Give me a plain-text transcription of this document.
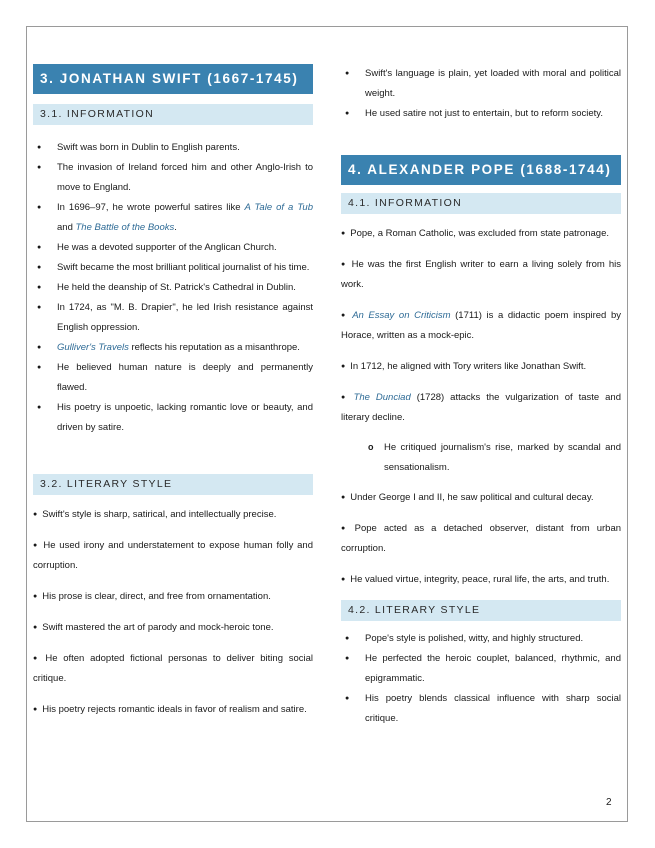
3. JONATHAN SWIFT (1667-1745)
3.1. INFORMATION
● Swift was born in Dublin to English parents.
● The invasion of Ireland forced him and other Anglo-Irish to move to England.
● In 1696–97, he wrote powerful satires like A Tale of a Tub and The Battle of the Books.
● He was a devoted supporter of the Anglican Church.
● Swift became the most brilliant political journalist of his time.
● He held the deanship of St. Patrick's Cathedral in Dublin.
● In 1724, as "M. B. Drapier", he led Irish resistance against English oppression.
● Gulliver's Travels reflects his reputation as a misanthrope.
● He believed human nature is deeply and permanently flawed.
● His poetry is unpoetic, lacking romantic love or beauty, and driven by satire.
3.2. LITERARY STYLE

● Swift's style is sharp, satirical, and intellectually precise.

● He used irony and understatement to expose human folly and corruption.

● His prose is clear, direct, and free from ornamentation.

● Swift mastered the art of parody and mock-heroic tone.

● He often adopted fictional personas to deliver biting social critique.

● His poetry rejects romantic ideals in favor of realism and satire.

● Swift's language is plain, yet loaded with moral and political weight.
● He used satire not just to entertain, but to reform society.
4. ALEXANDER POPE (1688-1744)
4.1. INFORMATION

● Pope, a Roman Catholic, was excluded from state patronage.

● He was the first English writer to earn a living solely from his work.

● An Essay on Criticism (1711) is a didactic poem inspired by Horace, written as a mock-epic.

● In 1712, he aligned with Tory writers like Jonathan Swift.

● The Dunciad (1728) attacks the vulgarization of taste and literary decline.

o He critiqued journalism's rise, marked by scandal and sensationalism.

● Under George I and II, he saw political and cultural decay.

● Pope acted as a detached observer, distant from urban corruption.

● He valued virtue, integrity, peace, rural life, the arts, and truth.

4.2. LITERARY STYLE
● Pope's style is polished, witty, and highly structured.
● He perfected the heroic couplet, balanced, rhythmic, and epigrammatic.
● His poetry blends classical influence with sharp social critique.
2
